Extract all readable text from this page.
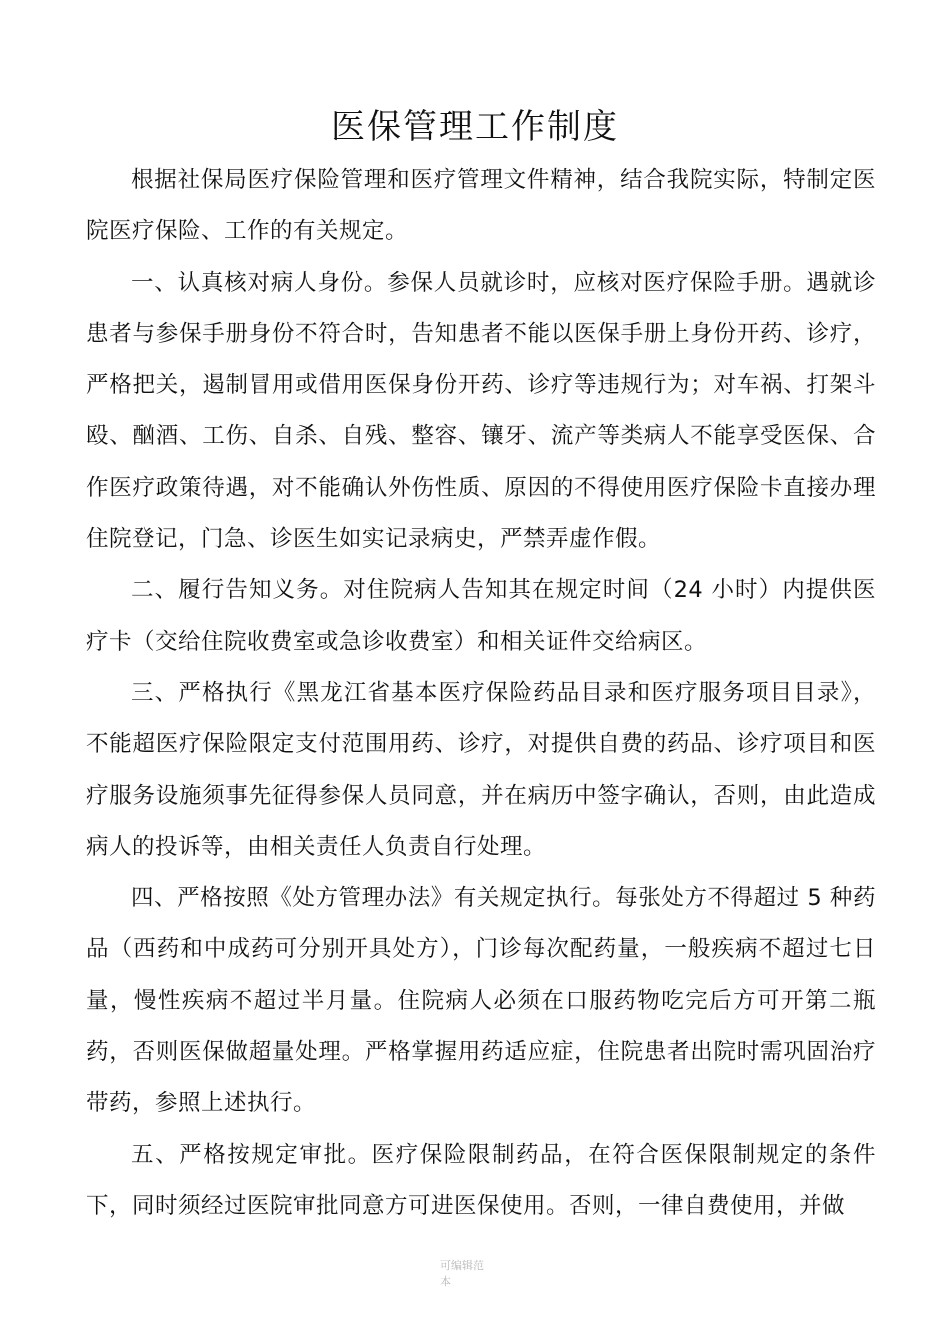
医保管理工作制度

根据社保局医疗保险管理和医疗管理文件精神，结合我院实际，特制定医院医疗保险、工作的有关规定。

一、认真核对病人身份。参保人员就诊时，应核对医疗保险手册。遇就诊患者与参保手册身份不符合时，告知患者不能以医保手册上身份开药、诊疗，严格把关，遏制冒用或借用医保身份开药、诊疗等违规行为；对车祸、打架斗殴、酗酒、工伤、自杀、自残、整容、镶牙、流产等类病人不能享受医保、合作医疗政策待遇，对不能确认外伤性质、原因的不得使用医疗保险卡直接办理住院登记，门急、诊医生如实记录病史，严禁弄虚作假。

二、履行告知义务。对住院病人告知其在规定时间（24 小时）内提供医疗卡（交给住院收费室或急诊收费室）和相关证件交给病区。

三、严格执行《黑龙江省基本医疗保险药品目录和医疗服务项目目录》，不能超医疗保险限定支付范围用药、诊疗，对提供自费的药品、诊疗项目和医疗服务设施须事先征得参保人员同意，并在病历中签字确认，否则，由此造成病人的投诉等，由相关责任人负责自行处理。

四、严格按照《处方管理办法》有关规定执行。每张处方不得超过 5 种药品（西药和中成药可分别开具处方），门诊每次配药量，一般疾病不超过七日量，慢性疾病不超过半月量。住院病人必须在口服药物吃完后方可开第二瓶药，否则医保做超量处理。严格掌握用药适应症，住院患者出院时需巩固治疗带药，参照上述执行。

五、严格按规定审批。医疗保险限制药品，在符合医保限制规定的条件下，同时须经过医院审批同意方可进医保使用。否则，一律自费使用，并做

可编辑范
本
